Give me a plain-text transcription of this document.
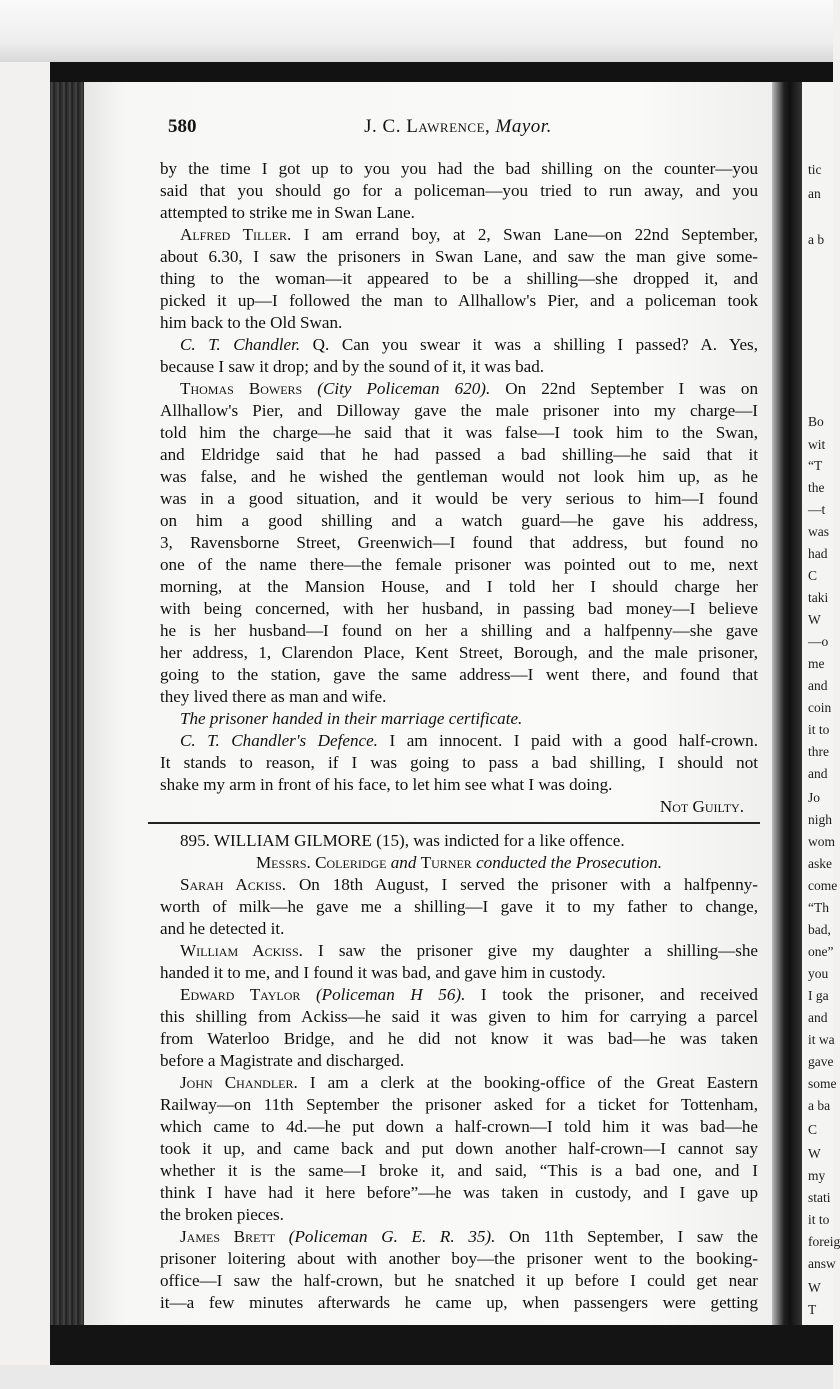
tic
an
a b
Bo
wit
“T
the
—t
was
had
C
taki
W
—o
me
and
coin
it to
thre
and
Jo
nigh
wom
aske
come
“Th
bad,
one”
you
I ga
and
it wa
gave
some
a ba
C
W
my
stati
it to
foreig
answ
W
T
580	J. C. Lawrence, Mayor.
by the time I got up to you you had the bad shilling on the counter—you
said that you should go for a policeman—you tried to run away, and you
attempted to strike me in Swan Lane.
Alfred Tiller. I am errand boy, at 2, Swan Lane—on 22nd September,
about 6.30, I saw the prisoners in Swan Lane, and saw the man give some-
thing to the woman—it appeared to be a shilling—she dropped it, and
picked it up—I followed the man to Allhallow's Pier, and a policeman took
him back to the Old Swan.
C. T. Chandler. Q. Can you swear it was a shilling I passed? A. Yes,
because I saw it drop; and by the sound of it, it was bad.
Thomas Bowers (City Policeman 620). On 22nd September I was on
Allhallow's Pier, and Dilloway gave the male prisoner into my charge—I
told him the charge—he said that it was false—I took him to the Swan,
and Eldridge said that he had passed a bad shilling—he said that it
was false, and he wished the gentleman would not look him up, as he
was in a good situation, and it would be very serious to him—I found
on him a good shilling and a watch guard—he gave his address,
3, Ravensborne Street, Greenwich—I found that address, but found no
one of the name there—the female prisoner was pointed out to me, next
morning, at the Mansion House, and I told her I should charge her
with being concerned, with her husband, in passing bad money—I believe
he is her husband—I found on her a shilling and a halfpenny—she gave
her address, 1, Clarendon Place, Kent Street, Borough, and the male prisoner,
going to the station, gave the same address—I went there, and found that
they lived there as man and wife.
The prisoner handed in their marriage certificate.
C. T. Chandler's Defence. I am innocent. I paid with a good half-crown.
It stands to reason, if I was going to pass a bad shilling, I should not
shake my arm in front of his face, to let him see what I was doing.
Not Guilty.
895. WILLIAM GILMORE (15), was indicted for a like offence.
Messrs. Coleridge and Turner conducted the Prosecution.
Sarah Ackiss. On 18th August, I served the prisoner with a halfpenny-
worth of milk—he gave me a shilling—I gave it to my father to change,
and he detected it.
William Ackiss. I saw the prisoner give my daughter a shilling—she
handed it to me, and I found it was bad, and gave him in custody.
Edward Taylor (Policeman H 56). I took the prisoner, and received
this shilling from Ackiss—he said it was given to him for carrying a parcel
from Waterloo Bridge, and he did not know it was bad—he was taken
before a Magistrate and discharged.
John Chandler. I am a clerk at the booking-office of the Great Eastern
Railway—on 11th September the prisoner asked for a ticket for Tottenham,
which came to 4d.—he put down a half-crown—I told him it was bad—he
took it up, and came back and put down another half-crown—I cannot say
whether it is the same—I broke it, and said, “This is a bad one, and I
think I have had it here before”—he was taken in custody, and I gave up
the broken pieces.
James Brett (Policeman G. E. R. 35). On 11th September, I saw the
prisoner loitering about with another boy—the prisoner went to the booking-
office—I saw the half-crown, but he snatched it up before I could get near
it—a few minutes afterwards he came up, when passengers were getting
